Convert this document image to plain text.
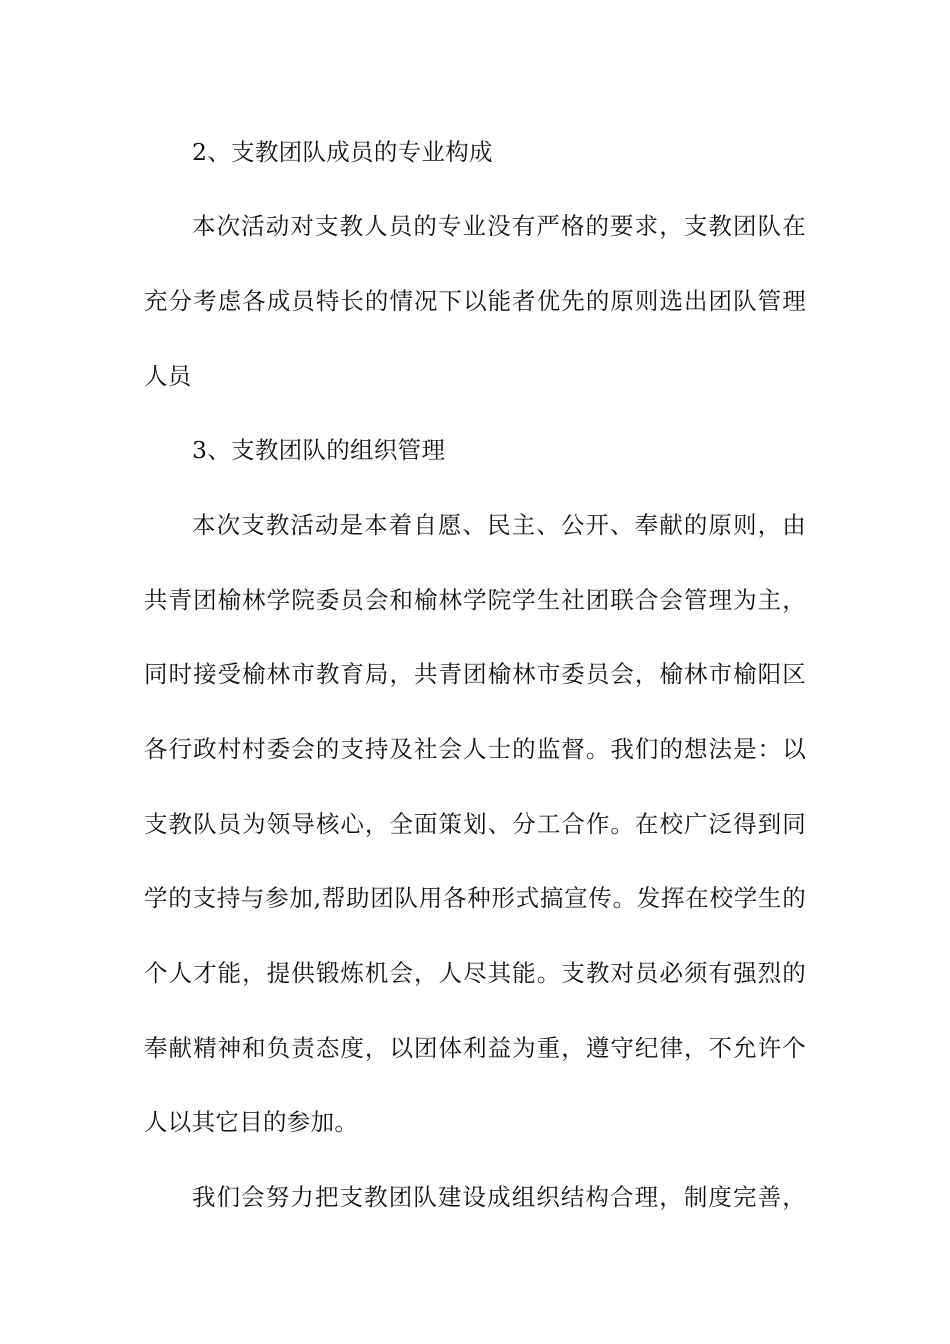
2、支教团队成员的专业构成
本次活动对支教人员的专业没有严格的要求，支教团队在
充分考虑各成员特长的情况下以能者优先的原则选出团队管理
人员
3、支教团队的组织管理
本次支教活动是本着自愿、民主、公开、奉献的原则，由
共青团榆林学院委员会和榆林学院学生社团联合会管理为主，
同时接受榆林市教育局，共青团榆林市委员会，榆林市榆阳区
各行政村村委会的支持及社会人士的监督。我们的想法是：以
支教队员为领导核心，全面策划、分工合作。在校广泛得到同
学的支持与参加,帮助团队用各种形式搞宣传。发挥在校学生的
个人才能，提供锻炼机会，人尽其能。支教对员必须有强烈的
奉献精神和负责态度，以团体利益为重，遵守纪律，不允许个
人以其它目的参加。
我们会努力把支教团队建设成组织结构合理，制度完善，
